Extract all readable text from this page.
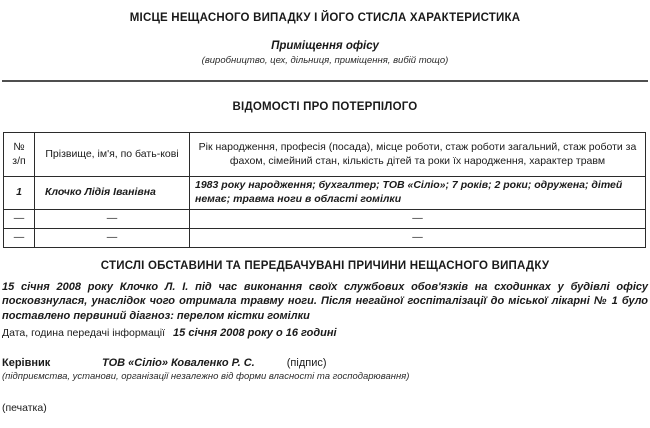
МІСЦЕ НЕЩАСНОГО ВИПАДКУ І ЙОГО СТИСЛА ХАРАКТЕРИСТИКА
Приміщення офісу
(виробництво, цех, дільниця, приміщення, вибій тощо)
ВІДОМОСТІ ПРО ПОТЕРПІЛОГО
№ з/п	Прізвище, ім'я, по бать-кові	Рік народження, професія (посада), місце роботи, стаж роботи загальний, стаж роботи за фахом, сімейний стан, кількість дітей та роки їх народження, характер травм
1	Клочко Лідія Іванівна	1983 року народження; бухгалтер; ТОВ «Сіліо»; 7 років; 2 роки; одружена; дітей немає; травма ноги в області гомілки
—	—	—
—	—	—
СТИСЛІ ОБСТАВИНИ ТА ПЕРЕДБАЧУВАНІ ПРИЧИНИ НЕЩАСНОГО ВИПАДКУ
15 січня 2008 року Клочко Л. І. під час виконання своїх службових обов'язків на сходинках у будівлі офісу посковзнулася, унаслідок чого отримала травму ноги. Після негайної госпіталізації до міської лікарні № 1 було поставлено первиний діагноз: перелом кістки гомілки
Дата, година передачі інформації 15 січня 2008 року о 16 годині
Керівник	ТОВ «Сіліо» Коваленко Р. С.	(підпис)
(підприємства, установи, організації незалежно від форми власності та господарювання)
(печатка)
